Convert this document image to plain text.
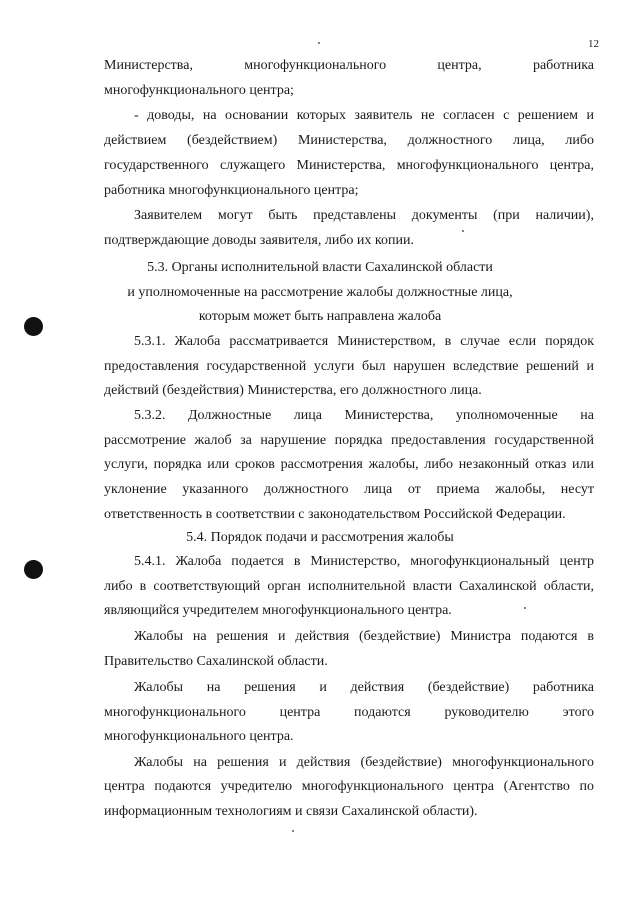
12
Министерства,	многофункционального	центра,	работника
многофункционального центра;
- доводы, на основании которых заявитель не согласен с решением и
действием (бездействием) Министерства, должностного лица, либо
государственного служащего Министерства, многофункционального центра,
работника многофункционального центра;
Заявителем могут быть представлены документы (при наличии),
подтверждающие доводы заявителя, либо их копии.
5.3. Органы исполнительной власти Сахалинской области
и уполномоченные на рассмотрение жалобы должностные лица,
которым может быть направлена жалоба
5.3.1. Жалоба рассматривается Министерством, в случае если порядок
предоставления государственной услуги был нарушен вследствие решений и
действий (бездействия) Министерства, его должностного лица.
5.3.2. Должностные лица Министерства, уполномоченные на
рассмотрение жалоб за нарушение порядка предоставления государственной
услуги, порядка или сроков рассмотрения жалобы, либо незаконный отказ или
уклонение указанного должностного лица от приема жалобы, несут
ответственность в соответствии с законодательством Российской Федерации.
5.4. Порядок подачи и рассмотрения жалобы
5.4.1. Жалоба подается в Министерство, многофункциональный центр
либо в соответствующий орган исполнительной власти Сахалинской области,
являющийся учредителем многофункционального центра.
Жалобы на решения и действия (бездействие) Министра подаются в
Правительство Сахалинской области.
Жалобы на решения и действия (бездействие) работника
многофункционального центра подаются руководителю этого
многофункционального центра.
Жалобы на решения и действия (бездействие) многофункционального
центра подаются учредителю многофункционального центра (Агентство по
информационным технологиям и связи Сахалинской области).
